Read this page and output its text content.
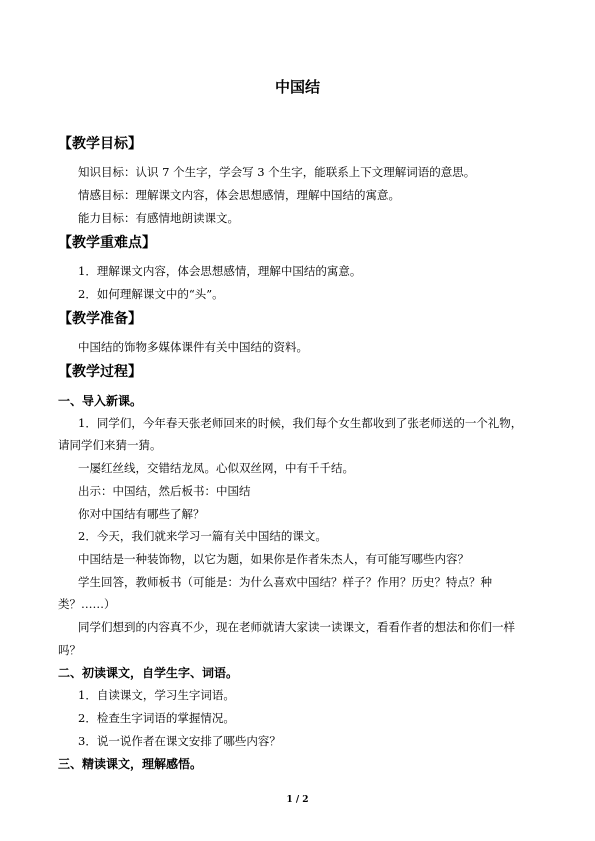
中国结
【教学目标】
知识目标：认识 7 个生字，学会写 3 个生字，能联系上下文理解词语的意思。
情感目标：理解课文内容，体会思想感情，理解中国结的寓意。
能力目标：有感情地朗读课文。
【教学重难点】
1．理解课文内容，体会思想感情，理解中国结的寓意。
2．如何理解课文中的“头”。
【教学准备】
中国结的饰物多媒体课件有关中国结的资料。
【教学过程】
一、导入新课。
1．同学们，今年春天张老师回来的时候，我们每个女生都收到了张老师送的一个礼物，
请同学们来猜一猜。
一屡红丝线，交错结龙凤。心似双丝网，中有千千结。
出示：中国结，然后板书：中国结
你对中国结有哪些了解？
2．今天，我们就来学习一篇有关中国结的课文。
中国结是一种装饰物，以它为题，如果你是作者朱杰人，有可能写哪些内容？
学生回答，教师板书（可能是：为什么喜欢中国结？样子？作用？历史？特点？种
类？……）
同学们想到的内容真不少，现在老师就请大家读一读课文，看看作者的想法和你们一样
吗？
二、初读课文，自学生字、词语。
1．自读课文，学习生字词语。
2．检查生字词语的掌握情况。
3．说一说作者在课文安排了哪些内容？
三、精读课文，理解感悟。
1 / 2
